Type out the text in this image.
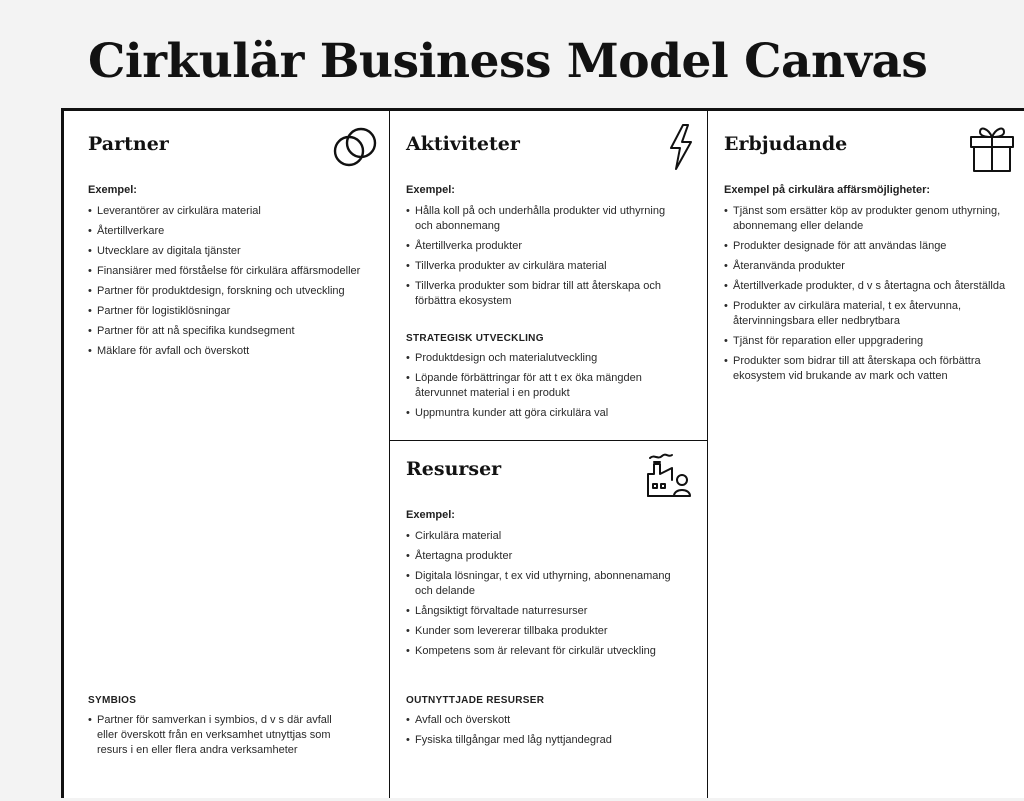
Cirkulär Business Model Canvas
Partner
Exempel:
• Leverantörer av cirkulära material
• Återtillverkare
• Utvecklare av digitala tjänster
• Finansiärer med förståelse för cirkulära affärsmodeller
• Partner för produktdesign, forskning och utveckling
• Partner för logistiklösningar
• Partner för att nå specifika kundsegment
• Mäklare för avfall och överskott
SYMBIOS
• Partner för samverkan i symbios, d v s där avfall eller överskott från en verksamhet utnyttjas som resurs i en eller flera andra verksamheter
Aktiviteter
Exempel:
• Hålla koll på och underhålla produkter vid uthyrning och abonnemang
• Återtillverka produkter
• Tillverka produkter av cirkulära material
• Tillverka produkter som bidrar till att återskapa och förbättra ekosystem
STRATEGISK UTVECKLING
• Produktdesign och materialutveckling
• Löpande förbättringar för att t ex öka mängden återvunnet material i en produkt
• Uppmuntra kunder att göra cirkulära val
Resurser
Exempel:
• Cirkulära material
• Återtagna produkter
• Digitala lösningar, t ex vid uthyrning, abonnenamang och delande
• Långsiktigt förvaltade naturresurser
• Kunder som levererar tillbaka produkter
• Kompetens som är relevant för cirkulär utveckling
OUTNYTTJADE RESURSER
• Avfall och överskott
• Fysiska tillgångar med låg nyttjandegrad
Erbjudande
Exempel på cirkulära affärsmöjligheter:
• Tjänst som ersätter köp av produkter genom uthyrning, abonnemang eller delande
• Produkter designade för att användas länge
• Återanvända produkter
• Återtillverkade produkter, d v s återtagna och återställda
• Produkter av cirkulära material, t ex återvunna, återvinningsbara eller nedbrytbara
• Tjänst för reparation eller uppgradering
• Produkter som bidrar till att återskapa och förbättra ekosystem vid brukande av mark och vatten
